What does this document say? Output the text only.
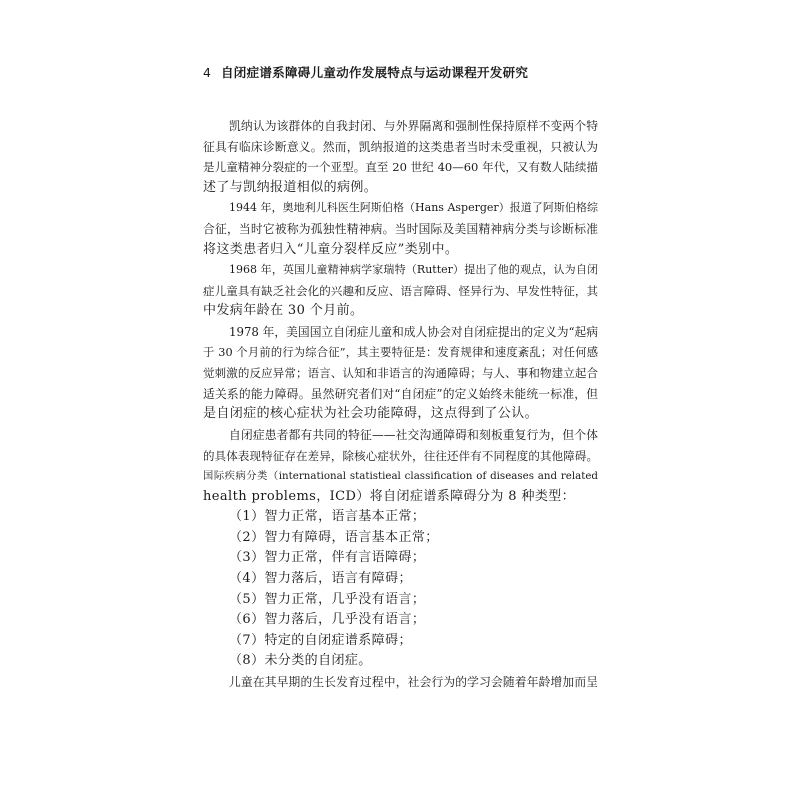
4 自闭症谱系障碍儿童动作发展特点与运动课程开发研究
凯纳认为该群体的自我封闭、与外界隔离和强制性保持原样不变两个特
征具有临床诊断意义。然而，凯纳报道的这类患者当时未受重视，只被认为
是儿童精神分裂症的一个亚型。直至 20 世纪 40—60 年代，又有数人陆续描
述了与凯纳报道相似的病例。
1944 年，奥地利儿科医生阿斯伯格（Hans Asperger）报道了阿斯伯格综
合征，当时它被称为孤独性精神病。当时国际及美国精神病分类与诊断标准
将这类患者归入“儿童分裂样反应”类别中。
1968 年，英国儿童精神病学家瑞特（Rutter）提出了他的观点，认为自闭
症儿童具有缺乏社会化的兴趣和反应、语言障碍、怪异行为、早发性特征，其
中发病年龄在 30 个月前。
1978 年，美国国立自闭症儿童和成人协会对自闭症提出的定义为“起病
于 30 个月前的行为综合征”，其主要特征是：发育规律和速度紊乱；对任何感
觉刺激的反应异常；语言、认知和非语言的沟通障碍；与人、事和物建立起合
适关系的能力障碍。虽然研究者们对“自闭症”的定义始终未能统一标准，但
是自闭症的核心症状为社会功能障碍，这点得到了公认。
自闭症患者都有共同的特征——社交沟通障碍和刻板重复行为，但个体
的具体表现特征存在差异，除核心症状外，往往还伴有不同程度的其他障碍。
国际疾病分类（international statistieal classification of diseases and related
health problems，ICD）将自闭症谱系障碍分为 8 种类型：
（1）智力正常，语言基本正常；
（2）智力有障碍，语言基本正常；
（3）智力正常，伴有言语障碍；
（4）智力落后，语言有障碍；
（5）智力正常，几乎没有语言；
（6）智力落后，几乎没有语言；
（7）特定的自闭症谱系障碍；
（8）未分类的自闭症。
儿童在其早期的生长发育过程中，社会行为的学习会随着年龄增加而呈
